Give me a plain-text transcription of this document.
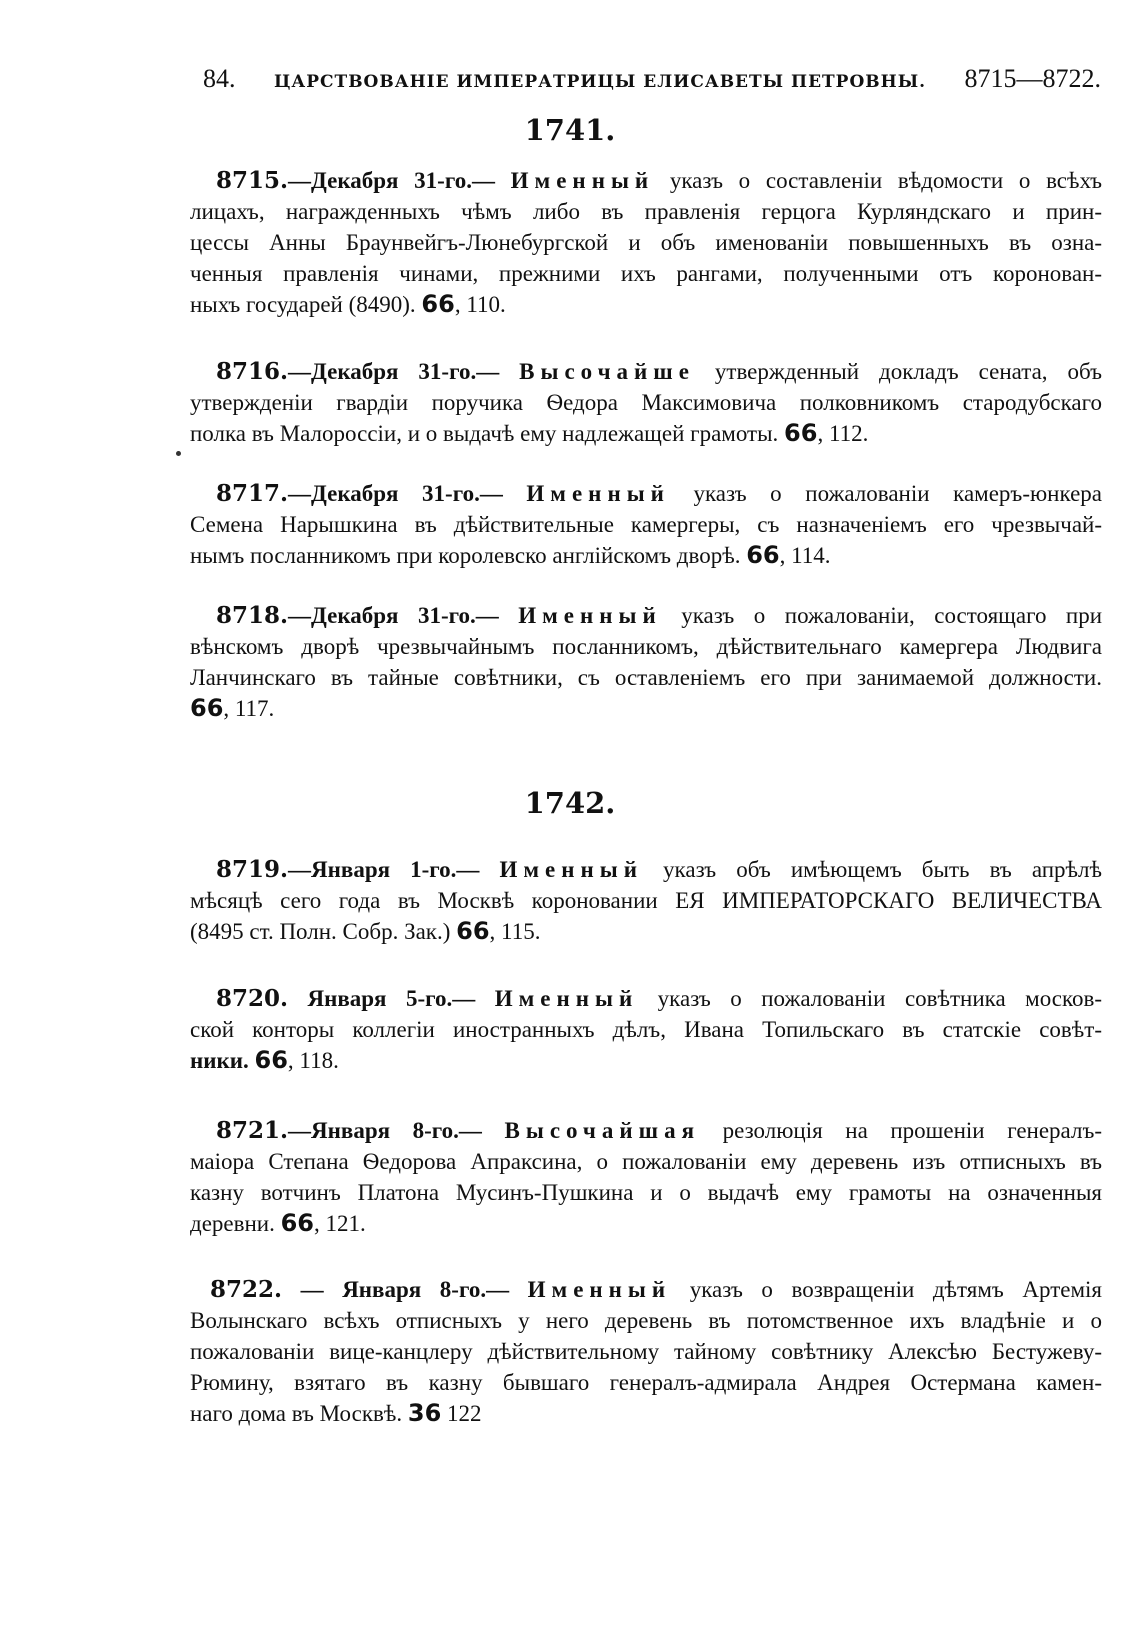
84. ЦАРСТВОВАНIЕ ИМПЕРАТРИЦЫ ЕЛИСАВЕТЫ ПЕТРОВНЫ. 8715—8722.
1741.
8715.—Декабря 31-го.— Именный указъ о составленiи вѣдомости о всѣхъ
лицахъ, награжденныхъ чѣмъ либо въ правленiя герцога Курляндскаго и прин-
цессы Анны Браунвейгъ-Люнебургской и объ именованiи повышенныхъ въ озна-
ченныя правленiя чинами, прежними ихъ рангами, полученными отъ коронован-
ныхъ государей (8490). 66, 110.
8716.—Декабря 31-го.— Высочайше утвержденный докладъ сената, объ
утвержденiи гвардiи поручика Ѳедора Максимовича полковникомъ стародубскаго
полка въ Малороссiи, и о выдачѣ ему надлежащей грамоты. 66, 112.
8717.—Декабря 31-го.— Именный указъ о пожалованiи камеръ-юнкера
Семена Нарышкина въ дѣйствительные камергеры, съ назначенiемъ его чрезвычай-
нымъ посланникомъ при королевско англiйскомъ дворѣ. 66, 114.
8718.—Декабря 31-го.— Именный указъ о пожалованiи, состоящаго при
вѣнскомъ дворѣ чрезвычайнымъ посланникомъ, дѣйствительнаго камергера Людвига
Ланчинскаго въ тайные совѣтники, съ оставленiемъ его при занимаемой должности.
66, 117.
1742.
8719.—Января 1-го.— Именный указъ объ имѣющемъ быть въ апрѣлѣ
мѣсяцѣ сего года въ Москвѣ короновании ЕЯ ИМПЕРАТОРСКАГО ВЕЛИЧЕСТВА
(8495 ст. Полн. Собр. Зак.) 66, 115.
8720. Января 5-го.— Именный указъ о пожалованiи совѣтника москов-
ской конторы коллегiи иностранныхъ дѣлъ, Ивана Топильскаго въ статскiе совѣт-
ники. 66, 118.
8721.—Января 8-го.— Высочайшая резолюцiя на прошенiи генералъ-
маiора Степана Ѳедорова Апраксина, о пожалованiи ему деревень изъ отписныхъ въ
казну вотчинъ Платона Мусинъ-Пушкина и о выдачѣ ему грамоты на означенныя
деревни. 66, 121.
8722. — Января 8-го.— Именный указъ о возвращенiи дѣтямъ Артемiя
Волынскаго всѣхъ отписныхъ у него деревень въ потомственное ихъ владѣнiе и о
пожалованiи вице-канцлеру дѣйствительному тайному совѣтнику Алексѣю Бестужеву-
Рюмину, взятаго въ казну бывшаго генералъ-адмирала Андрея Остермана камен-
наго дома въ Москвѣ. 36 122
